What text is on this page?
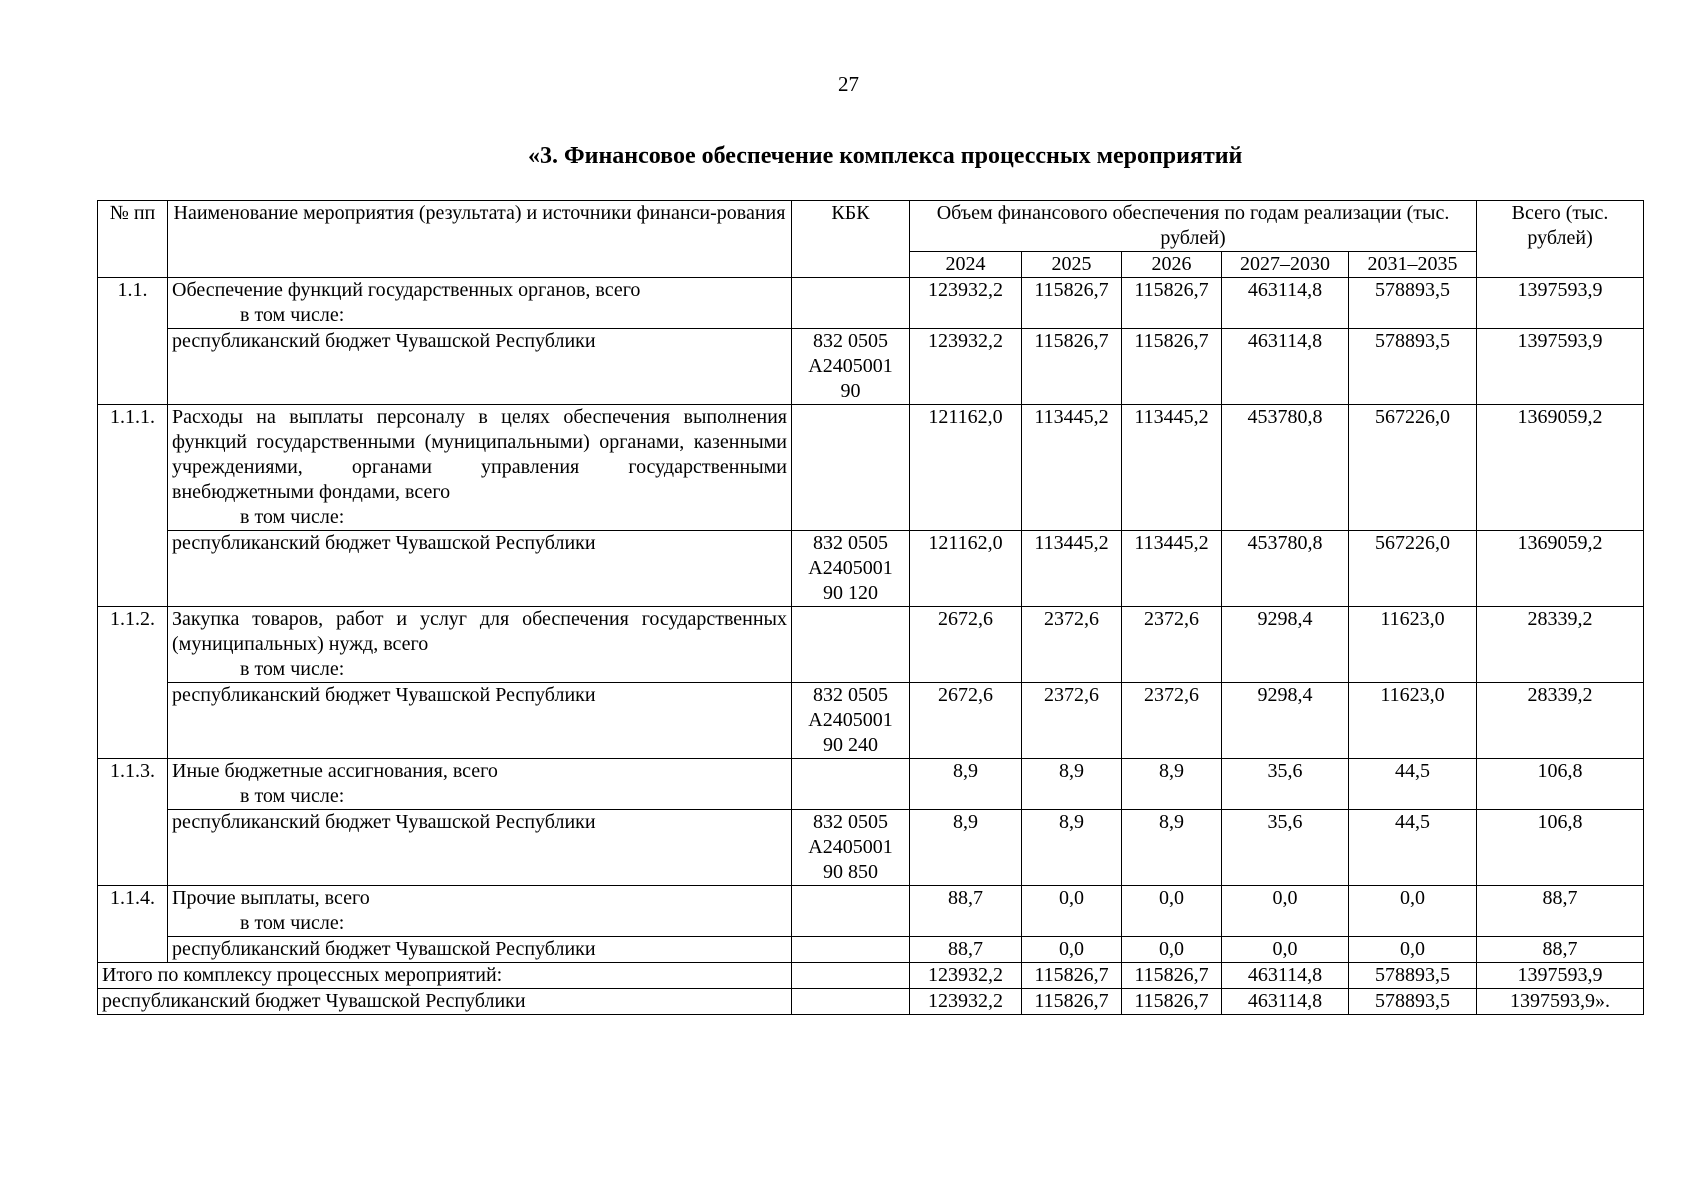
27
«3. Финансовое обеспечение комплекса процессных мероприятий
№ пп	Наименование мероприятия (результата) и источники финанси-рования	КБК	Объем финансового обеспечения по годам реализации (тыс. рублей)					Всего (тыс. рублей)
			2024	2025	2026	2027–2030	2031–2035	
1.1.	Обеспечение функций государственных органов, всего
в том числе:		123932,2	115826,7	115826,7	463114,8	578893,5	1397593,9
	республиканский бюджет Чувашской Республики	832 0505
А2405001
90	123932,2	115826,7	115826,7	463114,8	578893,5	1397593,9
1.1.1.	Расходы на выплаты персоналу в целях обеспечения выполнения функций государственными (муниципальными) органами, казенными учреждениями, органами управления государственными внебюджетными фондами, всего
в том числе:		121162,0	113445,2	113445,2	453780,8	567226,0	1369059,2
	республиканский бюджет Чувашской Республики	832 0505
А2405001
90 120	121162,0	113445,2	113445,2	453780,8	567226,0	1369059,2
1.1.2.	Закупка товаров, работ и услуг для обеспечения государственных (муниципальных) нужд, всего
в том числе:		2672,6	2372,6	2372,6	9298,4	11623,0	28339,2
	республиканский бюджет Чувашской Республики	832 0505
А2405001
90 240	2672,6	2372,6	2372,6	9298,4	11623,0	28339,2
1.1.3.	Иные бюджетные ассигнования, всего
в том числе:		8,9	8,9	8,9	35,6	44,5	106,8
	республиканский бюджет Чувашской Республики	832 0505
А2405001
90 850	8,9	8,9	8,9	35,6	44,5	106,8
1.1.4.	Прочие выплаты, всего
в том числе:		88,7	0,0	0,0	0,0	0,0	88,7
	республиканский бюджет Чувашской Республики		88,7	0,0	0,0	0,0	0,0	88,7
Итого по комплексу процессных мероприятий:			123932,2	115826,7	115826,7	463114,8	578893,5	1397593,9
республиканский бюджет Чувашской Республики			123932,2	115826,7	115826,7	463114,8	578893,5	1397593,9».
